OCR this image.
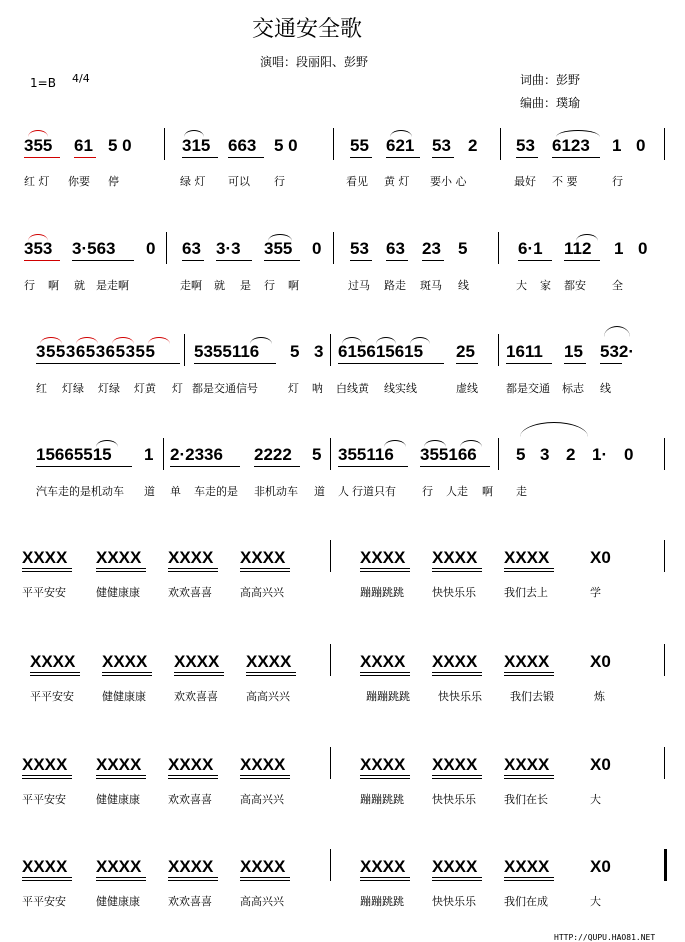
交通安全歌
演唱：段丽阳、彭野
1=B 4/4	词曲：彭野
编曲：璞瑜
355 61 5 0	315 663 5 0	55 621 53 2 53 6123 1 0
红 灯 你要 停	绿 灯 可以 行	看见 黄 灯 要小 心	最好 不 要	行
353 3·563 0 63 3·3 355 0 53 63 23 5	6·1 112 1 0
行 啊 就 是走啊	走啊 就 是 行 啊	过马 路走 斑马 线	大 家 都安 全
355365365355 5355116 5 3 615615615 25 1611 15 532·
红 灯绿 灯绿 灯黄 灯 都是交通信号	灯 呐 白线黄 线实线	虚线	都是交通 标志 线
15665515 1 2·2336 2222 5 355116 355166 5 3 2 1· 0
汽车走的是机动车 道 单 车走的是 非机动车 道 人 行道只有 行 人走 啊 走
XXXX XXXX XXXX XXXX	XXXX XXXX XXXX X0
平平安安	健健康康	欢欢喜喜	高高兴兴	蹦蹦跳跳	快快乐乐	我们去上	学
XXXX XXXX XXXX XXXX	XXXX XXXX XXXX X0
平平安安	健健康康	欢欢喜喜	高高兴兴	蹦蹦跳跳	快快乐乐	我们去锻	炼
XXXX XXXX XXXX XXXX	XXXX XXXX XXXX X0
平平安安	健健康康	欢欢喜喜	高高兴兴	蹦蹦跳跳	快快乐乐	我们在长	大
XXXX XXXX XXXX XXXX	XXXX XXXX XXXX X0
平平安安	健健康康	欢欢喜喜	高高兴兴	蹦蹦跳跳	快快乐乐	我们在成	大
HTTP://QUPU.HAO81.NET
